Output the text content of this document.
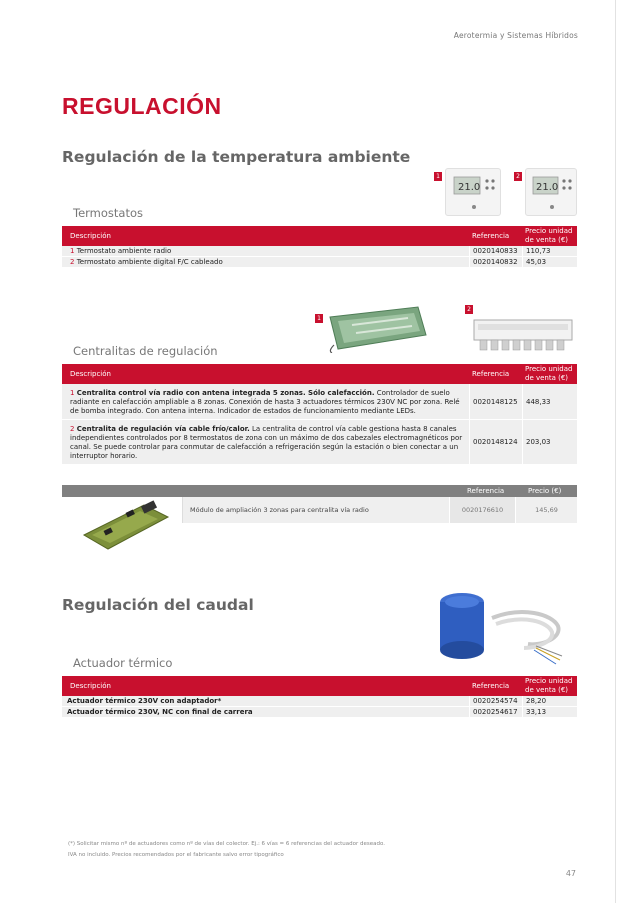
Aerotermia y Sistemas Híbridos
REGULACIÓN
Regulación de la temperatura ambiente
1
21.0
2
21.0
Termostatos
Descripción	Referencia
Precio unidad de venta (€)
1 Termostato ambiente radio	0020140833	110,73
2 Termostato ambiente digital F/C cableado	0020140832	45,03
1
2
Centralitas de regulación
Descripción	Referencia
Precio unidad de venta (€)
1 Centralita control vía radio con antena integrada 5 zonas. Sólo calefacción. Controlador de suelo radiante en calefacción ampliable a 8 zonas. Conexión de hasta 3 actuadores térmicos 230V NC por zona. Relé de bomba integrado. Con antena interna. Indicador de estados de funcionamiento mediante LEDs.
0020148125	448,33
2 Centralita de regulación vía cable frío/calor. La centralita de control vía cable gestiona hasta 8 canales independientes controlados por 8 termostatos de zona con un máximo de dos cabezales electromagnéticos por canal. Se puede controlar para conmutar de calefacción a refrigeración según la estación o bien conectar a un interruptor horario.
0020148124	203,03
Referencia	Precio (€)
Módulo de ampliación 3 zonas para centralita vía radio	0020176610	145,69
Regulación del caudal
Actuador térmico
Descripción	Referencia
Precio unidad de venta (€)
Actuador térmico 230V con adaptador*	0020254574	28,20
Actuador térmico 230V, NC con final de carrera	0020254617	33,13
(*) Solicitar mismo nº de actuadores como nº de vías del colector. Ej.: 6 vías = 6 referencias del actuador deseado.
IVA no incluido. Precios recomendados por el fabricante salvo error tipográfico
47
